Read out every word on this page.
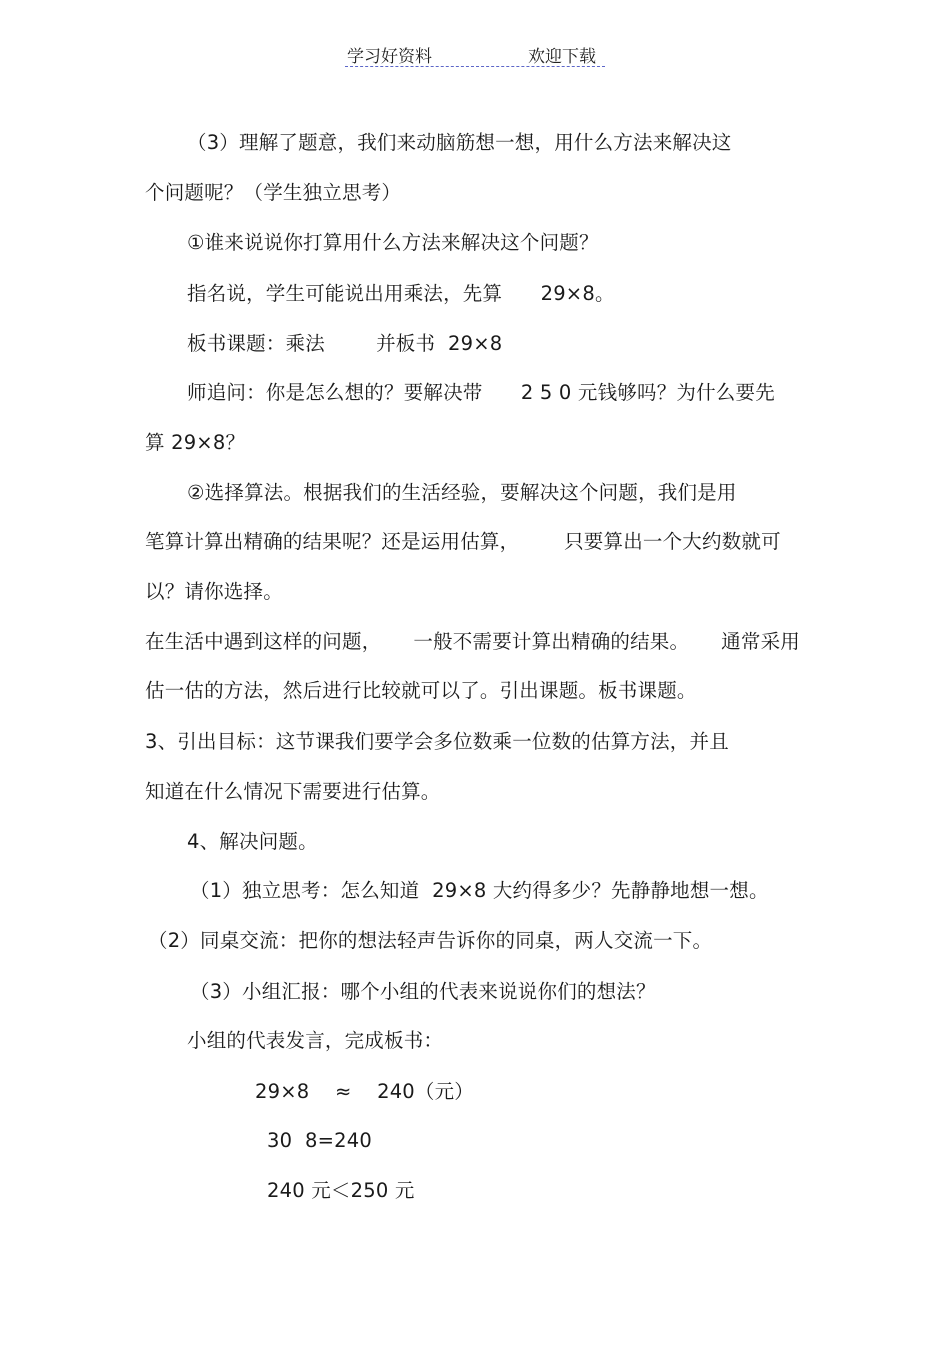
学习好资料	欢迎下载
（3）理解了题意，我们来动脑筋想一想，用什么方法来解决这
个问题呢？（学生独立思考）
①谁来说说你打算用什么方法来解决这个问题？
指名说，学生可能说出用乘法，先算      29×8。
板书课题：乘法        并板书  29×8
师追问：你是怎么想的？要解决带      2 5 0 元钱够吗？为什么要先
算 29×8？
②选择算法。根据我们的生活经验，要解决这个问题，我们是用
笔算计算出精确的结果呢？还是运用估算，       只要算出一个大约数就可
以？请你选择。
在生活中遇到这样的问题，     一般不需要计算出精确的结果。     通常采用
估一估的方法，然后进行比较就可以了。引出课题。板书课题。
3、引出目标：这节课我们要学会多位数乘一位数的估算方法，并且
知道在什么情况下需要进行估算。
4、解决问题。
（1）独立思考：怎么知道  29×8 大约得多少？先静静地想一想。
（2）同桌交流：把你的想法轻声告诉你的同桌，两人交流一下。
（3）小组汇报：哪个小组的代表来说说你们的想法？
小组的代表发言，完成板书：
29×8    ≈    240（元）
30  8=240
240 元＜250 元
